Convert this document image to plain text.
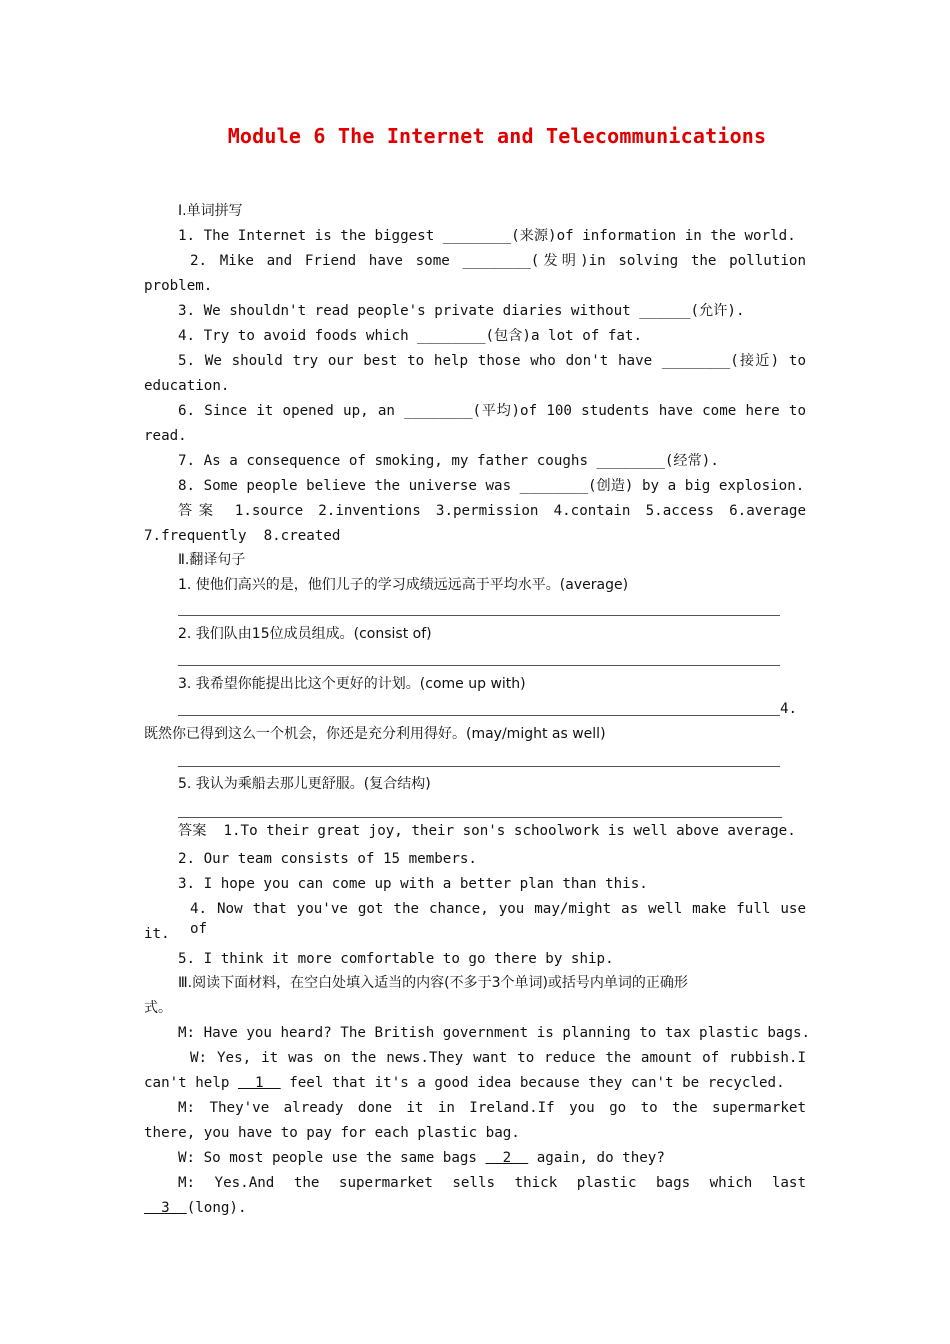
Module 6 The Internet and Telecommunications
Ⅰ.单词拼写
1. The Internet is the biggest ________(来源)of information in the world.
2. Mike and Friend have some ________(发明)in solving the pollution
problem.
3. We shouldn't read people's private diaries without ______(允许).
4. Try to avoid foods which ________(包含)a lot of fat.
5. We should try our best to help those who don't have ________(接近) to
education.
6. Since it opened up, an ________(平均)of 100 students have come here to
read.
7. As a consequence of smoking, my father coughs ________(经常).
8. Some people believe the universe was ________(创造) by a big explosion.
答案 1.source 2.inventions 3.permission 4.contain 5.access 6.average
7.frequently  8.created
Ⅱ.翻译句子
1. 使他们高兴的是，他们儿子的学习成绩远远高于平均水平。(average)
2. 我们队由15位成员组成。(consist of)
3. 我希望你能提出比这个更好的计划。(come up with)
4.
既然你已得到这么一个机会，你还是充分利用得好。(may/might as well)
5. 我认为乘船去那儿更舒服。(复合结构)
答案  1.To their great joy, their son's schoolwork is well above average.
2. Our team consists of 15 members.
3. I hope you can come up with a better plan than this.
4. Now that you've got the chance, you may/might as well make full use of
it.
5. I think it more comfortable to go there by ship.
Ⅲ.阅读下面材料，在空白处填入适当的内容(不多于3个单词)或括号内单词的正确形
式。
M: Have you heard? The British government is planning to tax plastic bags.
W: Yes, it was on the news.They want to reduce the amount of rubbish.I
can't help   1   feel that it's a good idea because they can't be recycled.
M: They've already done it in Ireland.If you go to the supermarket
there, you have to pay for each plastic bag.
W: So most people use the same bags   2   again, do they?
M: Yes.And the supermarket sells thick plastic bags which last
3  (long).
